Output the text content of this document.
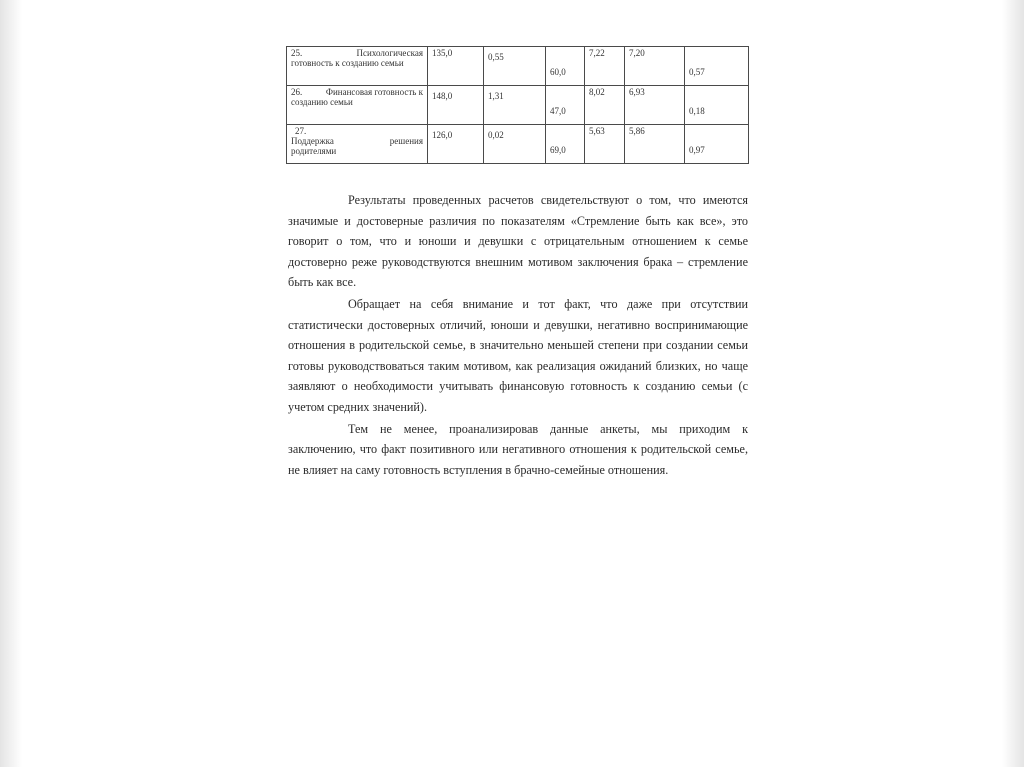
25. Психологическая
готовность к созданию семьи	135,0	0,55	60,0	7,22	7,20	0,57

26. Финансовая готовность к
созданию семьи	148,0	1,31	47,0	8,02	6,93	0,18

27.
Поддержка решения
родителями	126,0	0,02	69,0	5,63	5,86	0,97

Результаты проведенных расчетов свидетельствуют о том, что имеются значимые и достоверные различия по показателям «Стремление быть как все», это говорит о том, что и юноши и девушки с отрицательным отношением к семье достоверно реже руководствуются внешним мотивом заключения брака – стремление быть как все.

Обращает на себя внимание и тот факт, что даже при отсутствии статистически достоверных отличий, юноши и девушки, негативно воспринимающие отношения в родительской семье, в значительно меньшей степени при создании семьи готовы руководствоваться таким мотивом, как реализация ожиданий близких, но чаще заявляют о необходимости учитывать финансовую готовность к созданию семьи (с учетом средних значений).

Тем не менее, проанализировав данные анкеты, мы приходим к заключению, что факт позитивного или негативного отношения к родительской семье, не влияет на саму готовность вступления в брачно-семейные отношения.
